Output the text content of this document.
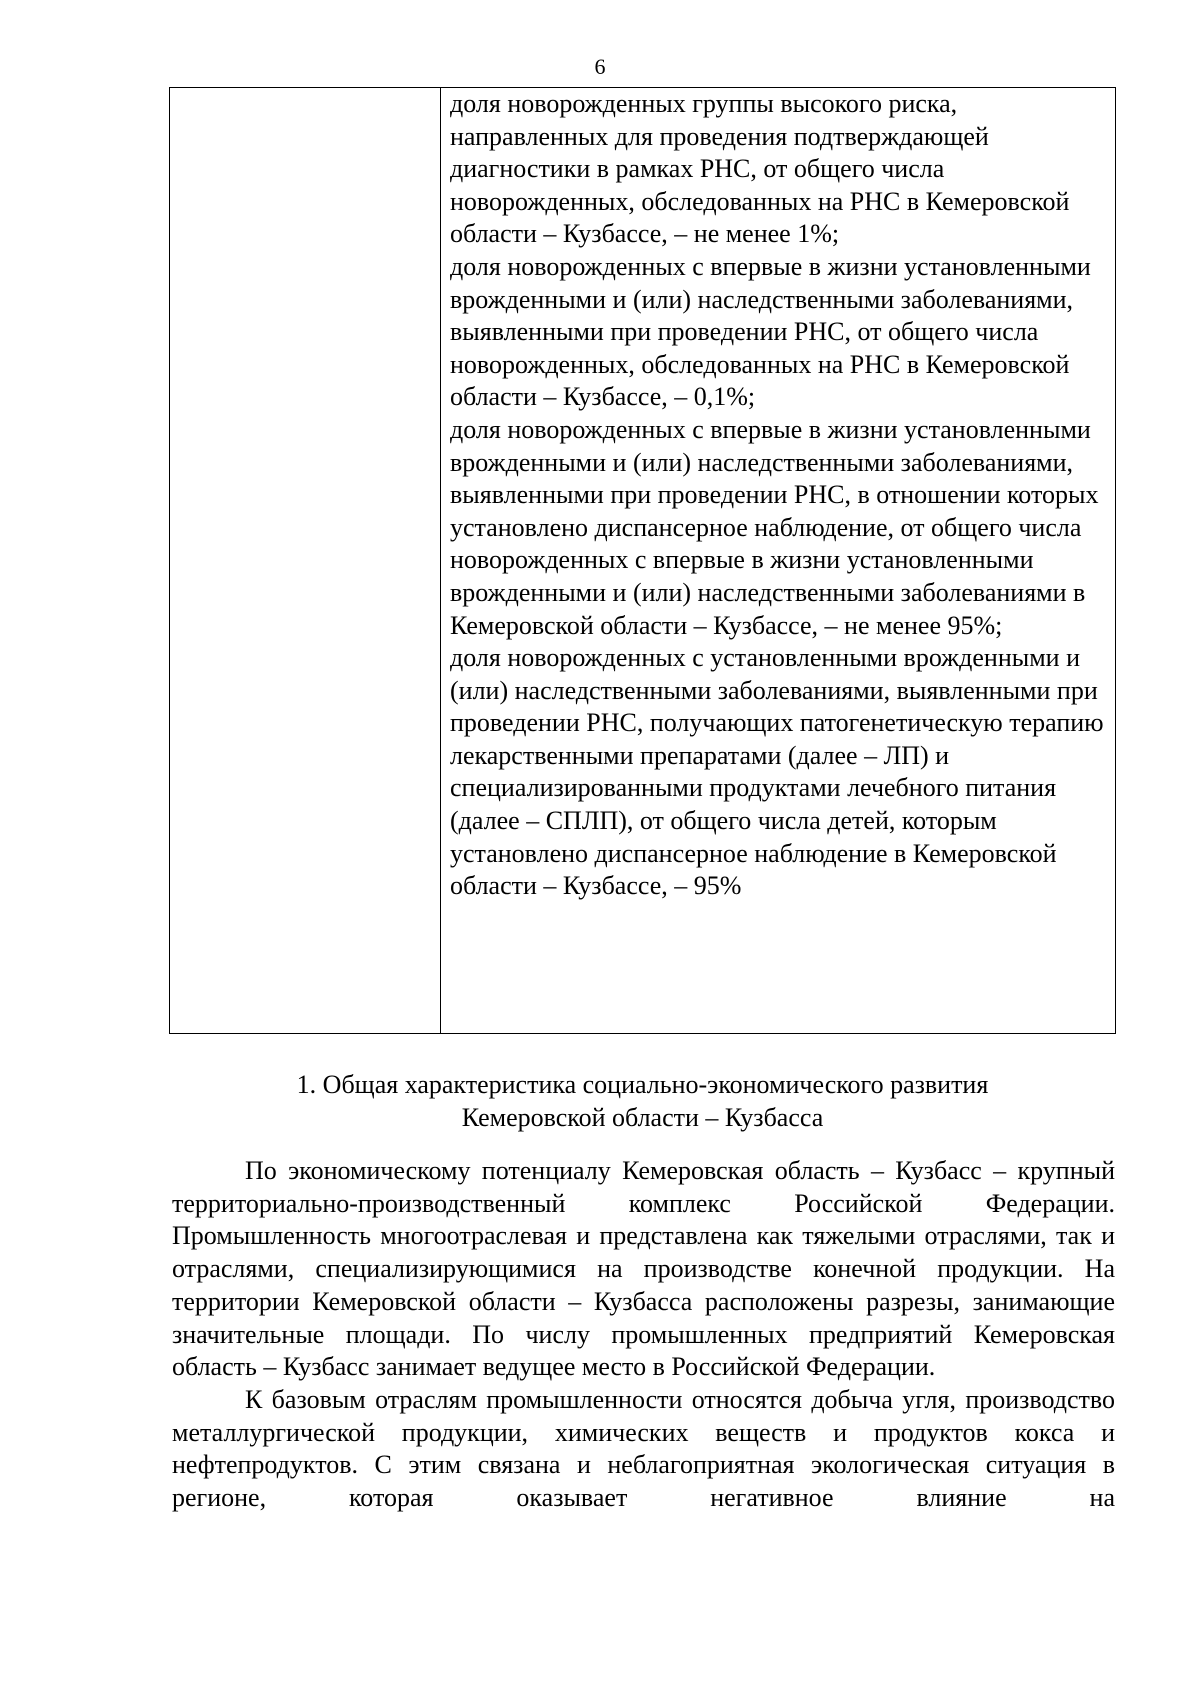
6

доля новорожденных группы высокого риска, направленных для проведения подтверждающей диагностики в рамках РНС, от общего числа новорожденных, обследованных на РНС в Кемеровской области – Кузбассе, – не менее 1%;

доля новорожденных с впервые в жизни установленными врожденными и (или) наследственными заболеваниями, выявленными при проведении РНС, от общего числа новорожденных, обследованных на РНС в Кемеровской области – Кузбассе, – 0,1%;

доля новорожденных с впервые в жизни установленными врожденными и (или) наследственными заболеваниями, выявленными при проведении РНС, в отношении которых установлено диспансерное наблюдение, от общего числа новорожденных с впервые в жизни установленными врожденными и (или) наследственными заболеваниями в Кемеровской области – Кузбассе, – не менее 95%;

доля новорожденных с установленными врожденными и (или) наследственными заболеваниями, выявленными при проведении РНС, получающих патогенетическую терапию лекарственными препаратами (далее – ЛП) и специализированными продуктами лечебного питания (далее – СПЛП), от общего числа детей, которым установлено диспансерное наблюдение в Кемеровской области – Кузбассе, – 95%

1. Общая характеристика социально-экономического развития
Кемеровской области – Кузбасса

По экономическому потенциалу Кемеровская область – Кузбасс – крупный территориально-производственный комплекс Российской Федерации. Промышленность многоотраслевая и представлена как тяжелыми отраслями, так и отраслями, специализирующимися на производстве конечной продукции. На территории Кемеровской области – Кузбасса расположены разрезы, занимающие значительные площади. По числу промышленных предприятий Кемеровская область – Кузбасс занимает ведущее место в Российской Федерации.

К базовым отраслям промышленности относятся добыча угля, производство металлургической продукции, химических веществ и продуктов кокса и нефтепродуктов. С этим связана и неблагоприятная экологическая ситуация в регионе, которая оказывает негативное влияние на
